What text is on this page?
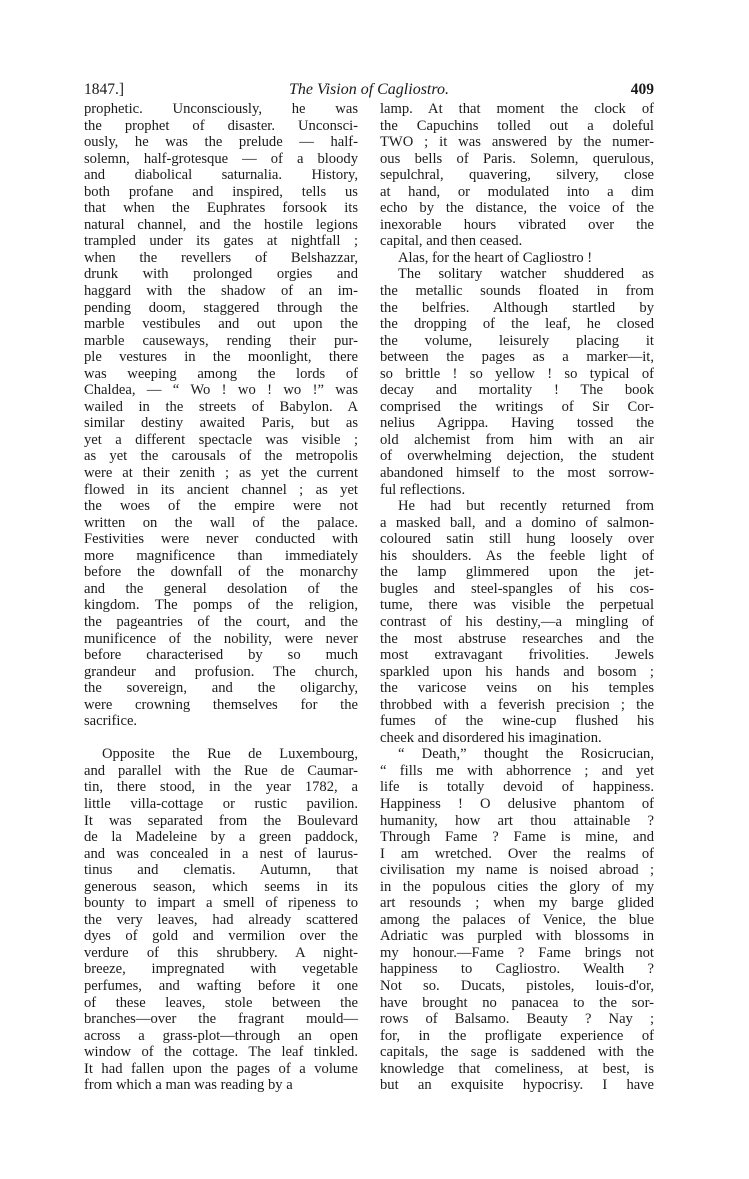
1847.]	The Vision of Cagliostro.	409
prophetic. Unconsciously, he was
the prophet of disaster. Unconsci-
ously, he was the prelude — half-
solemn, half-grotesque — of a bloody
and diabolical saturnalia. History,
both profane and inspired, tells us
that when the Euphrates forsook its
natural channel, and the hostile legions
trampled under its gates at nightfall ;
when the revellers of Belshazzar,
drunk with prolonged orgies and
haggard with the shadow of an im-
pending doom, staggered through the
marble vestibules and out upon the
marble causeways, rending their pur-
ple vestures in the moonlight, there
was weeping among the lords of
Chaldea, — “ Wo ! wo ! wo !” was
wailed in the streets of Babylon. A
similar destiny awaited Paris, but as
yet a different spectacle was visible ;
as yet the carousals of the metropolis
were at their zenith ; as yet the current
flowed in its ancient channel ; as yet
the woes of the empire were not
written on the wall of the palace.
Festivities were never conducted with
more magnificence than immediately
before the downfall of the monarchy
and the general desolation of the
kingdom. The pomps of the religion,
the pageantries of the court, and the
munificence of the nobility, were never
before characterised by so much
grandeur and profusion. The church,
the sovereign, and the oligarchy,
were crowning themselves for the
sacrifice.
Opposite the Rue de Luxembourg,
and parallel with the Rue de Caumar-
tin, there stood, in the year 1782, a
little villa-cottage or rustic pavilion.
It was separated from the Boulevard
de la Madeleine by a green paddock,
and was concealed in a nest of laurus-
tinus and clematis. Autumn, that
generous season, which seems in its
bounty to impart a smell of ripeness to
the very leaves, had already scattered
dyes of gold and vermilion over the
verdure of this shrubbery. A night-
breeze, impregnated with vegetable
perfumes, and wafting before it one
of these leaves, stole between the
branches—over the fragrant mould—
across a grass-plot—through an open
window of the cottage. The leaf tinkled.
It had fallen upon the pages of a volume
from which a man was reading by a
lamp. At that moment the clock of
the Capuchins tolled out a doleful
TWO ; it was answered by the numer-
ous bells of Paris. Solemn, querulous,
sepulchral, quavering, silvery, close
at hand, or modulated into a dim
echo by the distance, the voice of the
inexorable hours vibrated over the
capital, and then ceased.
Alas, for the heart of Cagliostro !
The solitary watcher shuddered as
the metallic sounds floated in from
the belfries. Although startled by
the dropping of the leaf, he closed
the volume, leisurely placing it
between the pages as a marker—it,
so brittle ! so yellow ! so typical of
decay and mortality ! The book
comprised the writings of Sir Cor-
nelius Agrippa. Having tossed the
old alchemist from him with an air
of overwhelming dejection, the student
abandoned himself to the most sorrow-
ful reflections.
He had but recently returned from
a masked ball, and a domino of salmon-
coloured satin still hung loosely over
his shoulders. As the feeble light of
the lamp glimmered upon the jet-
bugles and steel-spangles of his cos-
tume, there was visible the perpetual
contrast of his destiny,—a mingling of
the most abstruse researches and the
most extravagant frivolities. Jewels
sparkled upon his hands and bosom ;
the varicose veins on his temples
throbbed with a feverish precision ; the
fumes of the wine-cup flushed his
cheek and disordered his imagination.
“ Death,” thought the Rosicrucian,
“ fills me with abhorrence ; and yet
life is totally devoid of happiness.
Happiness ! O delusive phantom of
humanity, how art thou attainable ?
Through Fame ? Fame is mine, and
I am wretched. Over the realms of
civilisation my name is noised abroad ;
in the populous cities the glory of my
art resounds ; when my barge glided
among the palaces of Venice, the blue
Adriatic was purpled with blossoms in
my honour.—Fame ? Fame brings not
happiness to Cagliostro. Wealth ?
Not so. Ducats, pistoles, louis-d'or,
have brought no panacea to the sor-
rows of Balsamo. Beauty ? Nay ;
for, in the profligate experience of
capitals, the sage is saddened with the
knowledge that comeliness, at best, is
but an exquisite hypocrisy. I have
